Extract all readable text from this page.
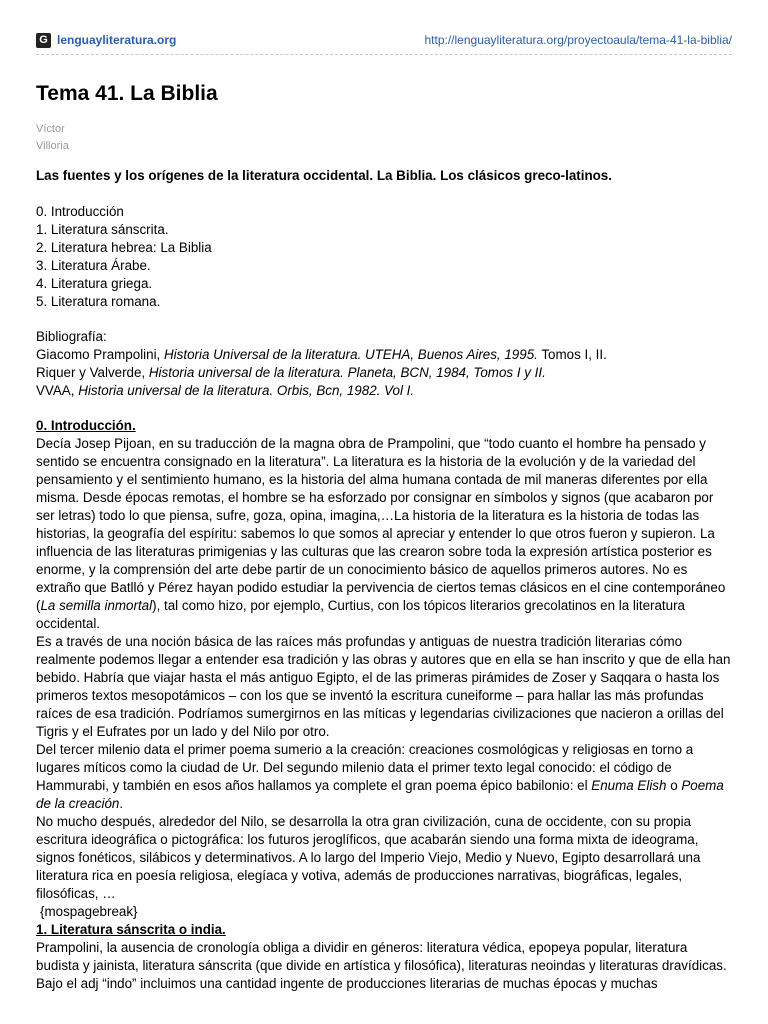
G lenguayliteratura.org	http://lenguayliteratura.org/proyectoaula/tema-41-la-biblia/
Tema 41. La Biblia
Víctor
Villoria

Las fuentes y los orígenes de la literatura occidental. La Biblia. Los clásicos greco-latinos.

0. Introducción
1. Literatura sánscrita.
2. Literatura hebrea: La Biblia
3. Literatura Árabe.
4. Literatura griega.
5. Literatura romana.
Bibliografía:
Giacomo Prampolini, Historia Universal de la literatura. UTEHA, Buenos Aires, 1995. Tomos I, II.
Riquer y Valverde, Historia universal de la literatura. Planeta, BCN, 1984, Tomos I y II.
VVAA, Historia universal de la literatura. Orbis, Bcn, 1982. Vol I.
0. Introducción.

Decía Josep Pijoan, en su traducción de la magna obra de Prampolini, que “todo cuanto el hombre ha pensado y sentido se encuentra consignado en la literatura”. La literatura es la historia de la evolución y de la variedad del pensamiento y el sentimiento humano, es la historia del alma humana contada de mil maneras diferentes por ella misma. Desde épocas remotas, el hombre se ha esforzado por consignar en símbolos y signos (que acabaron por ser letras) todo lo que piensa, sufre, goza, opina, imagina,…La historia de la literatura es la historia de todas las historias, la geografía del espíritu: sabemos lo que somos al apreciar y entender lo que otros fueron y supieron. La influencia de las literaturas primigenias y las culturas que las crearon sobre toda la expresión artística posterior es enorme, y la comprensión del arte debe partir de un conocimiento básico de aquellos primeros autores. No es extraño que Batlló y Pérez hayan podido estudiar la pervivencia de ciertos temas clásicos en el cine contemporáneo (La semilla inmortal), tal como hizo, por ejemplo, Curtius, con los tópicos literarios grecolatinos en la literatura occidental.

Es a través de una noción básica de las raíces más profundas y antiguas de nuestra tradición literarias cómo realmente podemos llegar a entender esa tradición y las obras y autores que en ella se han inscrito y que de ella han bebido. Habría que viajar hasta el más antiguo Egipto, el de las primeras pirámides de Zoser y Saqqara o hasta los primeros textos mesopotámicos – con los que se inventó la escritura cuneiforme – para hallar las más profundas raíces de esa tradición. Podríamos sumergirnos en las míticas y legendarias civilizaciones que nacieron a orillas del Tigris y el Eufrates por un lado y del Nilo por otro.

Del tercer milenio data el primer poema sumerio a la creación: creaciones cosmológicas y religiosas en torno a lugares míticos como la ciudad de Ur. Del segundo milenio data el primer texto legal conocido: el código de Hammurabi, y también en esos años hallamos ya complete el gran poema épico babilonio: el Enuma Elish o Poema de la creación.

No mucho después, alrededor del Nilo, se desarrolla la otra gran civilización, cuna de occidente, con su propia escritura ideográfica o pictográfica: los futuros jeroglíficos, que acabarán siendo una forma mixta de ideograma, signos fonéticos, silábicos y determinativos. A lo largo del Imperio Viejo, Medio y Nuevo, Egipto desarrollará una literatura rica en poesía religiosa, elegíaca y votiva, además de producciones narrativas, biográficas, legales, filosóficas, …

{mospagebreak}

1. Literatura sánscrita o india.

Prampolini, la ausencia de cronología obliga a dividir en géneros: literatura védica, epopeya popular, literatura budista y jainista, literatura sánscrita (que divide en artística y filosófica), literaturas neoindas y literaturas dravídicas.

Bajo el adj “indo” incluimos una cantidad ingente de producciones literarias de muchas épocas y muchas
